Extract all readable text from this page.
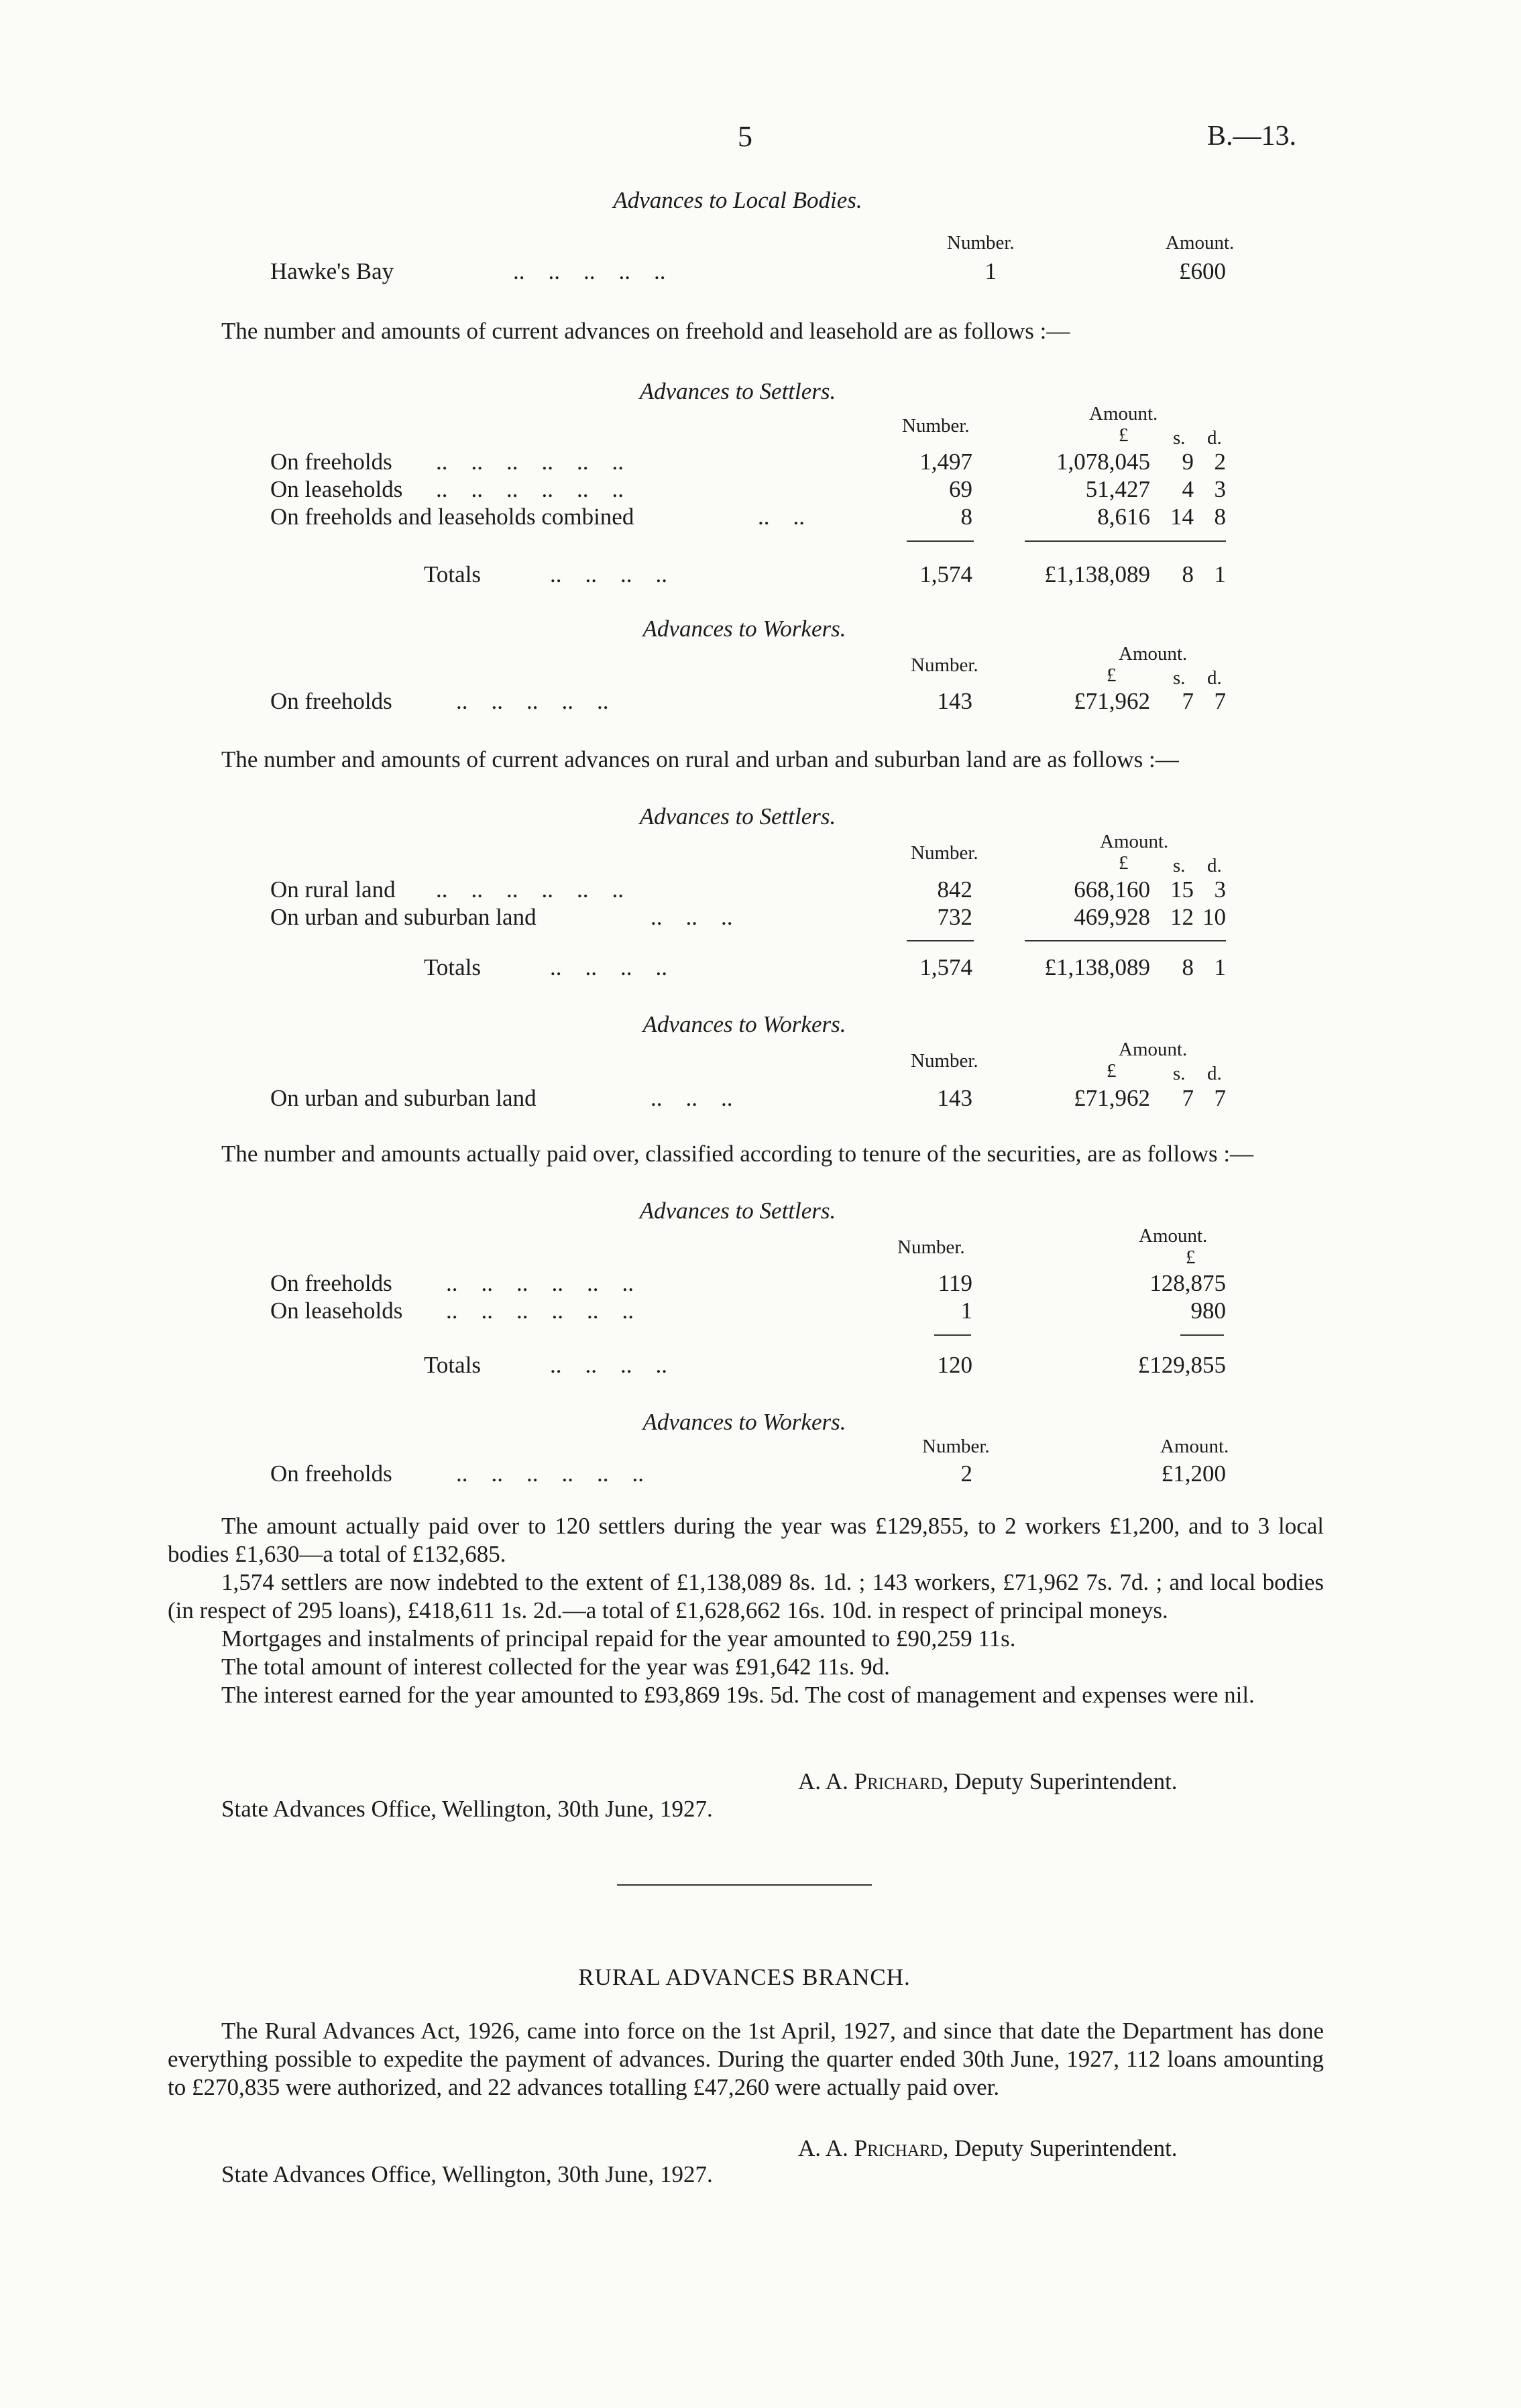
5	B.—13.
Advances to Local Bodies.
Number.	Amount.
Hawke's Bay	..    ..    ..    ..    ..	1	£600

The number and amounts of current advances on freehold and leasehold are as follows :—

Advances to Settlers.
Number.
Amount.
£ s. d.
On freeholds ..    ..    ..    ..    ..    ..	1,497	1,078,045	9 2
On leaseholds ..    ..    ..    ..    ..    ..	69	51,427	4 3
On freeholds and leaseholds combined	..    ..	8	8,616 14 8
Totals	..    ..    ..    ..	1,574	£1,138,089	8 1
Advances to Workers.
Number.
Amount.
£	s. d.
On freeholds	..    ..    ..    ..    ..	143	£71,962	7 7

The number and amounts of current advances on rural and urban and suburban land are as follows :—

Advances to Settlers.
Number.
Amount.
£ s. d.
On rural land ..    ..    ..    ..    ..    ..	842	668,160 15 3
On urban and suburban land	..    ..    ..	732	469,928 12 10
Totals	..    ..    ..    ..	1,574	£1,138,089	8 1
Advances to Workers.
Number.
Amount.
£	s. d.
On urban and suburban land	..    ..    ..	143	£71,962	7 7

The number and amounts actually paid over, classified according to tenure of the securities, are as follows :—

Advances to Settlers.
Number.
Amount.
£
On freeholds ..    ..    ..    ..    ..    ..	119	128,875
On leaseholds ..    ..    ..    ..    ..    ..	1	980
Totals	..    ..    ..    ..	120	£129,855
Advances to Workers.
Number.	Amount.
On freeholds	..    ..    ..    ..    ..    ..	2	£1,200

The amount actually paid over to 120 settlers during the year was £129,855, to 2 workers £1,200, and to 3 local bodies £1,630—a total of £132,685.

1,574 settlers are now indebted to the extent of £1,138,089 8s. 1d. ; 143 workers, £71,962 7s. 7d. ; and local bodies (in respect of 295 loans), £418,611 1s. 2d.—a total of £1,628,662 16s. 10d. in respect of principal moneys.

Mortgages and instalments of principal repaid for the year amounted to £90,259 11s.

The total amount of interest collected for the year was £91,642 11s. 9d.

The interest earned for the year amounted to £93,869 19s. 5d. The cost of management and expenses were nil.

A. A. Prichard, Deputy Superintendent.
State Advances Office, Wellington, 30th June, 1927.
RURAL ADVANCES BRANCH.

The Rural Advances Act, 1926, came into force on the 1st April, 1927, and since that date the Department has done everything possible to expedite the payment of advances. During the quarter ended 30th June, 1927, 112 loans amounting to £270,835 were authorized, and 22 advances totalling £47,260 were actually paid over.

A. A. Prichard, Deputy Superintendent.
State Advances Office, Wellington, 30th June, 1927.
